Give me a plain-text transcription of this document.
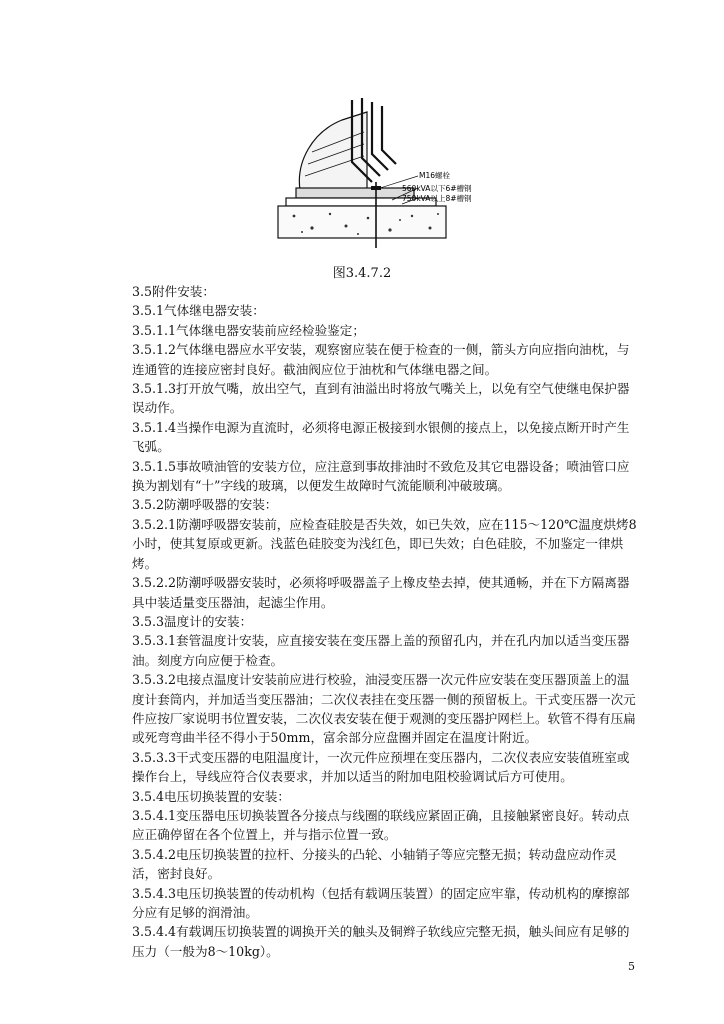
M16螺栓
560kVA以下6#槽钢
750kVA以上8#槽钢
图3.4.7.2

3.5附件安装：

3.5.1气体继电器安装：

3.5.1.1气体继电器安装前应经检验鉴定；

3.5.1.2气体继电器应水平安装，观察窗应装在便于检查的一侧，箭头方向应指向油枕，与连通管的连接应密封良好。截油阀应位于油枕和气体继电器之间。

3.5.1.3打开放气嘴，放出空气，直到有油溢出时将放气嘴关上，以免有空气使继电保护器误动作。

3.5.1.4当操作电源为直流时，必须将电源正极接到水银侧的接点上，以免接点断开时产生飞弧。

3.5.1.5事故喷油管的安装方位，应注意到事故排油时不致危及其它电器设备；喷油管口应换为割划有“十”字线的玻璃，以便发生故障时气流能顺利冲破玻璃。

3.5.2防潮呼吸器的安装：

3.5.2.1防潮呼吸器安装前，应检查硅胶是否失效，如已失效，应在115～120℃温度烘烤8小时，使其复原或更新。浅蓝色硅胶变为浅红色，即已失效；白色硅胶，不加鉴定一律烘烤。

3.5.2.2防潮呼吸器安装时，必须将呼吸器盖子上橡皮垫去掉，使其通畅，并在下方隔离器具中装适量变压器油，起滤尘作用。

3.5.3温度计的安装：

3.5.3.1套管温度计安装，应直接安装在变压器上盖的预留孔内，并在孔内加以适当变压器油。刻度方向应便于检查。

3.5.3.2电接点温度计安装前应进行校验，油浸变压器一次元件应安装在变压器顶盖上的温度计套筒内，并加适当变压器油；二次仪表挂在变压器一侧的预留板上。干式变压器一次元件应按厂家说明书位置安装，二次仪表安装在便于观测的变压器护网栏上。软管不得有压扁或死弯弯曲半径不得小于50mm，富余部分应盘圈并固定在温度计附近。

3.5.3.3干式变压器的电阻温度计，一次元件应预埋在变压器内，二次仪表应安装值班室或操作台上，导线应符合仪表要求，并加以适当的附加电阻校验调试后方可使用。

3.5.4电压切换装置的安装：

3.5.4.1变压器电压切换装置各分接点与线圈的联线应紧固正确，且接触紧密良好。转动点应正确停留在各个位置上，并与指示位置一致。

3.5.4.2电压切换装置的拉杆、分接头的凸轮、小轴销子等应完整无损；转动盘应动作灵活，密封良好。

3.5.4.3电压切换装置的传动机构（包括有载调压装置）的固定应牢靠，传动机构的摩擦部分应有足够的润滑油。

3.5.4.4有载调压切换装置的调换开关的触头及铜辫子软线应完整无损，触头间应有足够的压力（一般为8～10kg）。

5
